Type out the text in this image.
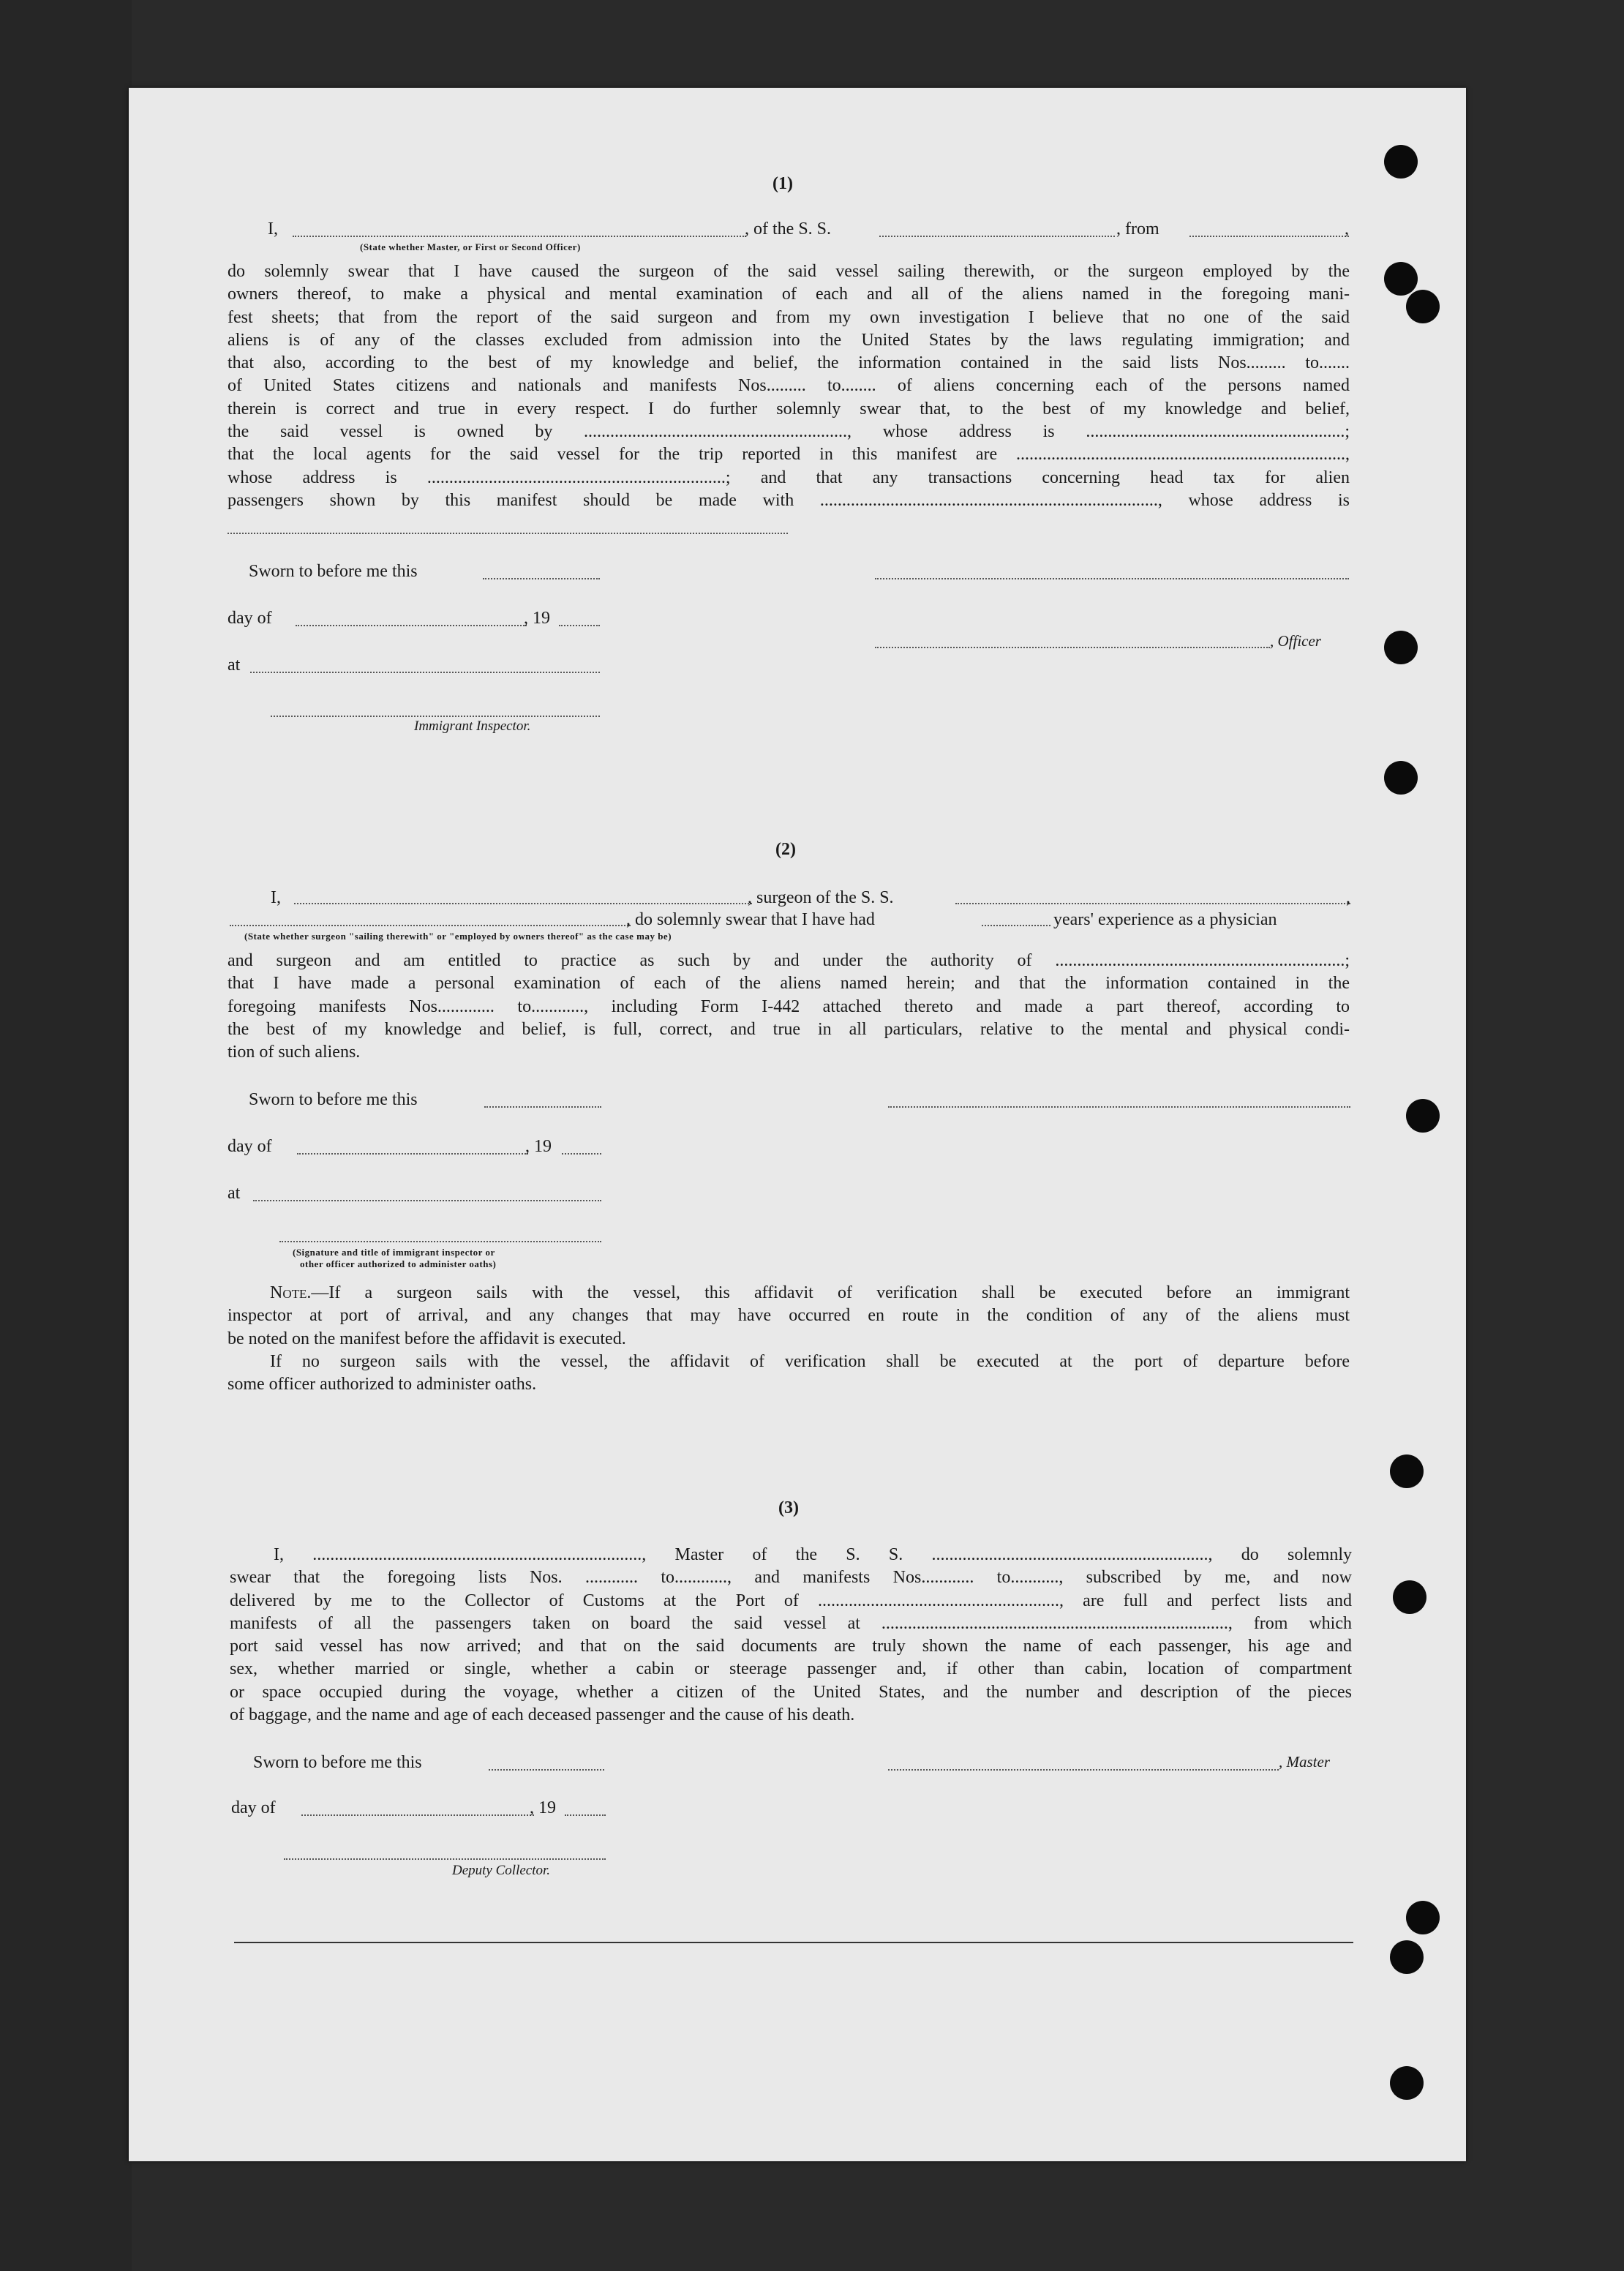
(1)
I,	, of the S. S.	, from	,
(State whether Master, or First or Second Officer)
do solemnly swear that I have caused the surgeon of the said vessel sailing therewith, or the surgeon employed by the
owners thereof, to make a physical and mental examination of each and all of the aliens named in the foregoing mani-
fest sheets; that from the report of the said surgeon and from my own investigation I believe that no one of the said
aliens is of any of the classes excluded from admission into the United States by the laws regulating immigration; and
that also, according to the best of my knowledge and belief, the information contained in the said lists Nos......... to.......
of United States citizens and nationals and manifests Nos......... to........ of aliens concerning each of the persons named
therein is correct and true in every respect. I do further solemnly swear that, to the best of my knowledge and belief,
the said vessel is owned by ............................................................, whose address is ...........................................................;
that the local agents for the said vessel for the trip reported in this manifest are ...........................................................................,
whose address is ....................................................................; and that any transactions concerning head tax for alien
passengers shown by this manifest should be made with ............................................................................., whose address is
Sworn to before me this
day of	, 19
, Officer
at
Immigrant Inspector.
(2)
I,	, surgeon of the S. S.	,
, do solemnly swear that I have had	years' experience as a physician
(State whether surgeon "sailing therewith" or "employed by owners thereof" as the case may be)
and surgeon and am entitled to practice as such by and under the authority of ..................................................................;
that I have made a personal examination of each of the aliens named herein; and that the information contained in the
foregoing manifests Nos............. to............, including Form I-442 attached thereto and made a part thereof, according to
the best of my knowledge and belief, is full, correct, and true in all particulars, relative to the mental and physical condi-
tion of such aliens.
Sworn to before me this
day of	, 19
at
(Signature and title of immigrant inspector or
other officer authorized to administer oaths)
Note.—If a surgeon sails with the vessel, this affidavit of verification shall be executed before an immigrant
inspector at port of arrival, and any changes that may have occurred en route in the condition of any of the aliens must
be noted on the manifest before the affidavit is executed.
If no surgeon sails with the vessel, the affidavit of verification shall be executed at the port of departure before
some officer authorized to administer oaths.
(3)
I, ..........................................................................., Master of the S. S. ..............................................................., do solemnly
swear that the foregoing lists Nos. ............ to............, and manifests Nos............ to..........., subscribed by me, and now
delivered by me to the Collector of Customs at the Port of ......................................................., are full and perfect lists and
manifests of all the passengers taken on board the said vessel at ..............................................................................., from which
port said vessel has now arrived; and that on the said documents are truly shown the name of each passenger, his age and
sex, whether married or single, whether a cabin or steerage passenger and, if other than cabin, location of compartment
or space occupied during the voyage, whether a citizen of the United States, and the number and description of the pieces
of baggage, and the name and age of each deceased passenger and the cause of his death.
Sworn to before me this	, Master
day of	, 19
Deputy Collector.
